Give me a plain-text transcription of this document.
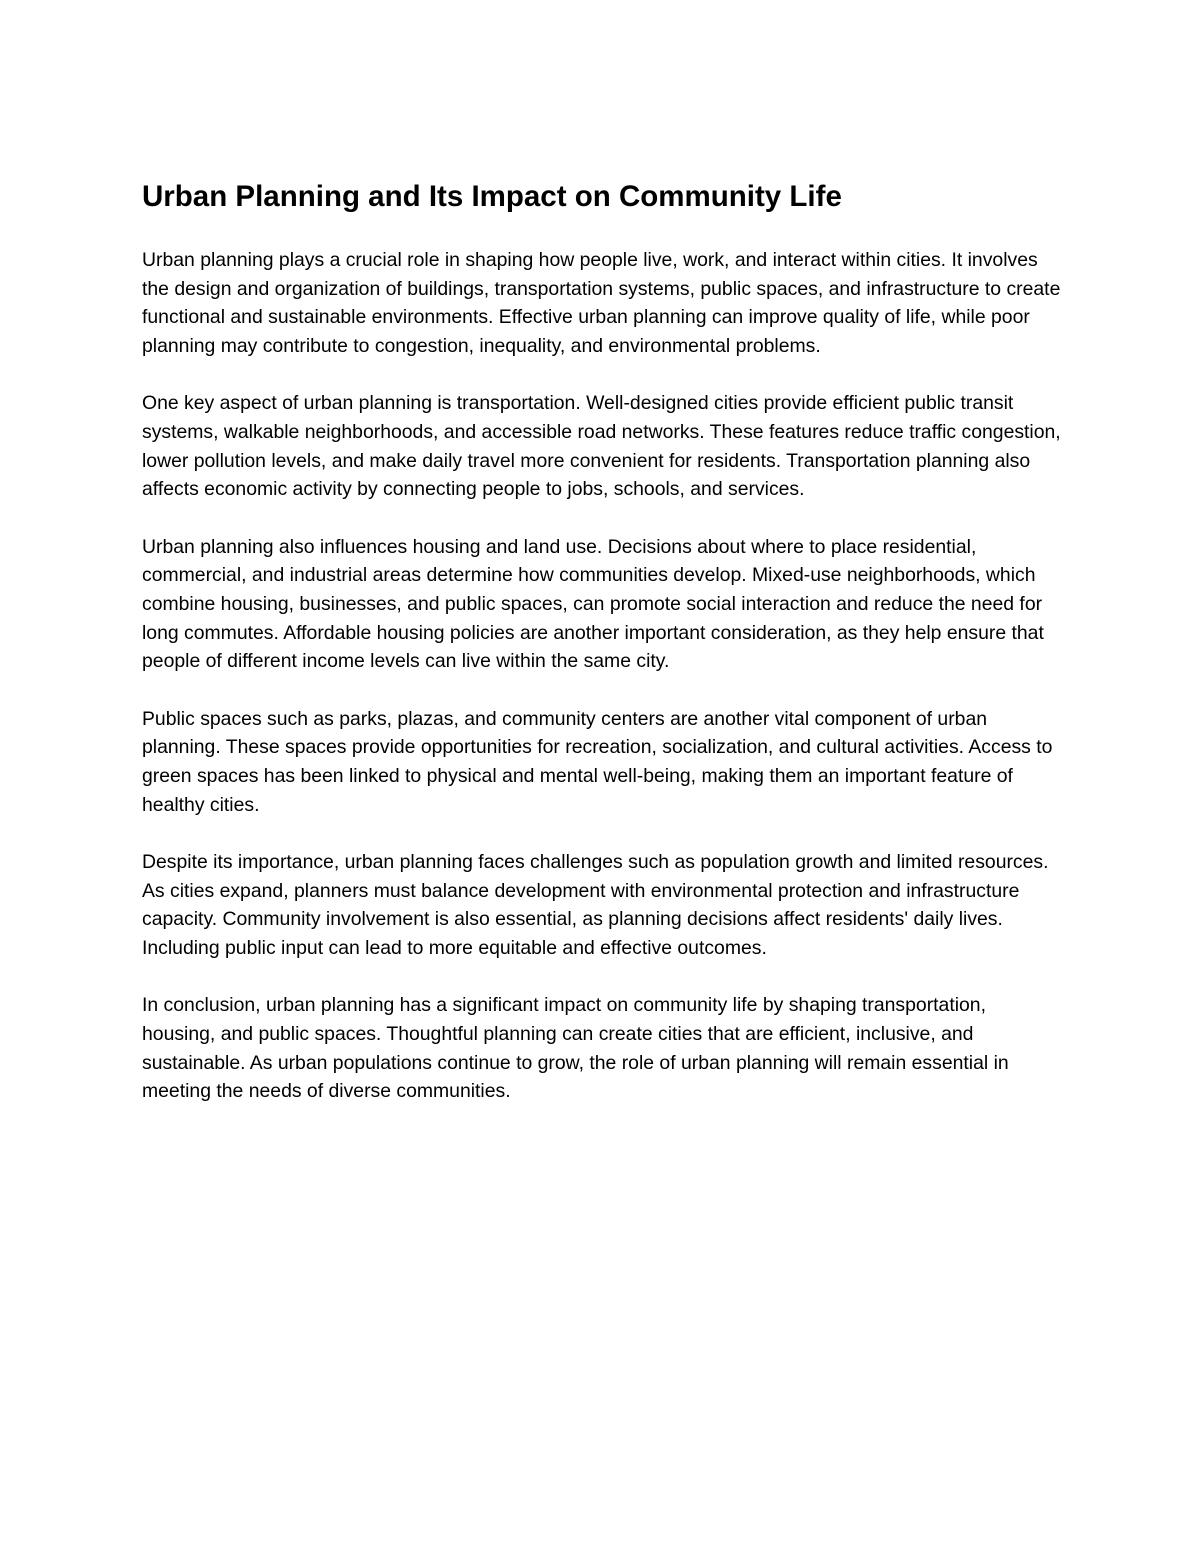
Urban Planning and Its Impact on Community Life

Urban planning plays a crucial role in shaping how people live, work, and interact within cities. It involves the design and organization of buildings, transportation systems, public spaces, and infrastructure to create functional and sustainable environments. Effective urban planning can improve quality of life, while poor planning may contribute to congestion, inequality, and environmental problems.

One key aspect of urban planning is transportation. Well-designed cities provide efficient public transit systems, walkable neighborhoods, and accessible road networks. These features reduce traffic congestion, lower pollution levels, and make daily travel more convenient for residents. Transportation planning also affects economic activity by connecting people to jobs, schools, and services.

Urban planning also influences housing and land use. Decisions about where to place residential, commercial, and industrial areas determine how communities develop. Mixed-use neighborhoods, which combine housing, businesses, and public spaces, can promote social interaction and reduce the need for long commutes. Affordable housing policies are another important consideration, as they help ensure that people of different income levels can live within the same city.

Public spaces such as parks, plazas, and community centers are another vital component of urban planning. These spaces provide opportunities for recreation, socialization, and cultural activities. Access to green spaces has been linked to physical and mental well-being, making them an important feature of healthy cities.

Despite its importance, urban planning faces challenges such as population growth and limited resources. As cities expand, planners must balance development with environmental protection and infrastructure capacity. Community involvement is also essential, as planning decisions affect residents' daily lives. Including public input can lead to more equitable and effective outcomes.

In conclusion, urban planning has a significant impact on community life by shaping transportation, housing, and public spaces. Thoughtful planning can create cities that are efficient, inclusive, and sustainable. As urban populations continue to grow, the role of urban planning will remain essential in meeting the needs of diverse communities.
